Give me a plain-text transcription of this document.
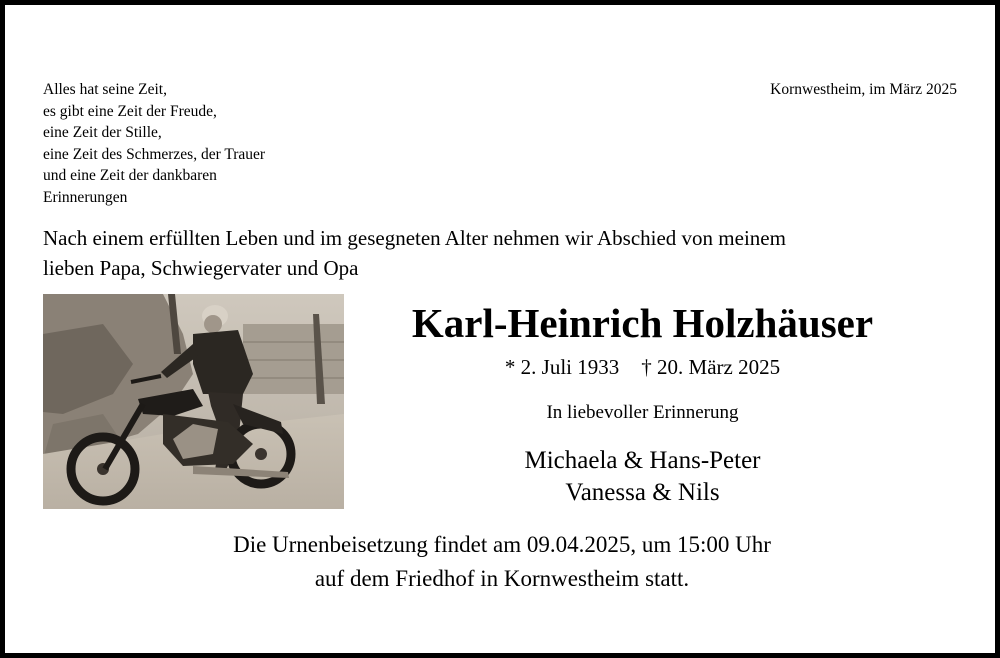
Alles hat seine Zeit,
es gibt eine Zeit der Freude,
eine Zeit der Stille,
eine Zeit des Schmerzes, der Trauer
und eine Zeit der dankbaren
Erinnerungen
Kornwestheim, im März 2025
Nach einem erfüllten Leben und im gesegneten Alter nehmen wir Abschied von meinem
lieben Papa, Schwiegervater und Opa
Karl-Heinrich Holzhäuser
* 2. Juli 1933 † 20. März 2025
In liebevoller Erinnerung
Michaela & Hans-Peter
Vanessa & Nils
Die Urnenbeisetzung findet am 09.04.2025, um 15:00 Uhr
auf dem Friedhof in Kornwestheim statt.
